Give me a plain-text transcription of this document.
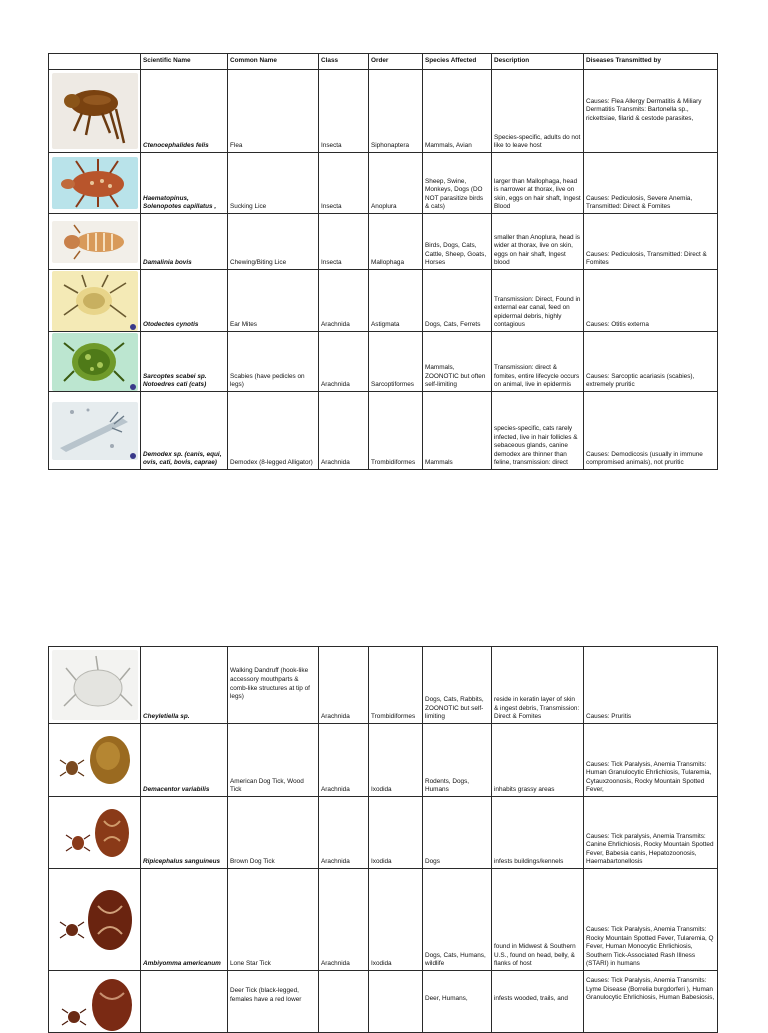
	Scientific Name	Common Name	Class	Order	Species Affected	Description	Diseases Transmitted by

	Ctenocephalides felis	Flea	Insecta	Siphonaptera	Mammals, Avian	Species-specific, adults do not like to leave host	Causes: Flea Allergy Dermatitis & Miliary Dermatitis Transmits: Bartonella sp., rickettsiae, filarid & cestode parasites,

	Haematopinus, Solenopotes capillatus ,	Sucking Lice	Insecta	Anoplura	Sheep, Swine, Monkeys, Dogs (DO NOT parasitize birds & cats)	larger than Mallophaga, head is narrower at thorax, live on skin, eggs on hair shaft, Ingest Blood	Causes: Pediculosis, Severe Anemia, Transmitted: Direct & Fomites

	Damalinia bovis	Chewing/Biting Lice	Insecta	Mallophaga	Birds, Dogs, Cats, Cattle, Sheep, Goats, Horses	smaller than Anoplura, head is wider at thorax, live on skin, eggs on hair shaft, Ingest blood	Causes: Pediculosis, Transmitted: Direct & Fomites

	Otodectes cynotis	Ear Mites	Arachnida	Astigmata	Dogs, Cats, Ferrets	Transmission: Direct, Found in external ear canal, feed on epidermal debris, highly contagious	Causes: Otitis externa

	Sarcoptes scabei sp. Notoedres cati (cats)	Scabies (have pedicles on legs)	Arachnida	Sarcoptiformes	Mammals, ZOONOTIC but often self-limiting	Transmission: direct & fomites, entire lifecycle occurs on animal, live in epidermis	Causes: Sarcoptic acariasis (scabies), extremely pruritic

	Demodex sp. (canis, equi, ovis, cati, bovis, caprae)	Demodex (8-legged Alligator)	Arachnida	Trombidiformes	Mammals	species-specific, cats rarely infected, live in hair follicles & sebaceous glands, canine demodex are thinner than feline, transmission: direct	Causes: Demodicosis (usually in immune compromised animals), not pruritic
	Cheyletiella sp.	Walking Dandruff (hook-like accessory mouthparts & comb-like structures at tip of legs)	Arachnida	Trombidiformes	Dogs, Cats, Rabbits, ZOONOTIC but self-limiting	reside in keratin layer of skin & ingest debris, Transmission: Direct & Fomites	Causes: Pruritis

	Demacentor variabilis	American Dog Tick, Wood Tick	Arachnida	Ixodida	Rodents, Dogs, Humans	inhabits grassy areas	Causes: Tick Paralysis, Anemia Transmits: Human Granulocytic Ehrlichiosis, Tularemia, Cytauxzoonosis, Rocky Mountain Spotted Fever,

	Ripicephalus sanguineus	Brown Dog Tick	Arachnida	Ixodida	Dogs	infests buildings/kennels	Causes: Tick paralysis, Anemia Transmits: Canine Ehrlichiosis, Rocky Mountain Spotted Fever, Babesia canis, Hepatozoonosis, Haemabartonellosis

	Ambiyomma americanum	Lone Star Tick	Arachnida	Ixodida	Dogs, Cats, Humans, wildlife	found in Midwest & Southern U.S., found on head, belly, & flanks of host	Causes: Tick Paralysis, Anemia Transmits: Rocky Mountain Spotted Fever, Tularemia, Q Fever, Human Monocytic Ehrlichiosis, Southern Tick-Associated Rash Illness (STARI) in humans

		Deer Tick (black-legged, females have a red lower			Deer, Humans,	infests wooded, trails, and	Causes: Tick Paralysis, Anemia Transmits: Lyme Disease (Borrelia burgdorferi ), Human Granulocytic Ehrlichiosis, Human Babesiosis,
